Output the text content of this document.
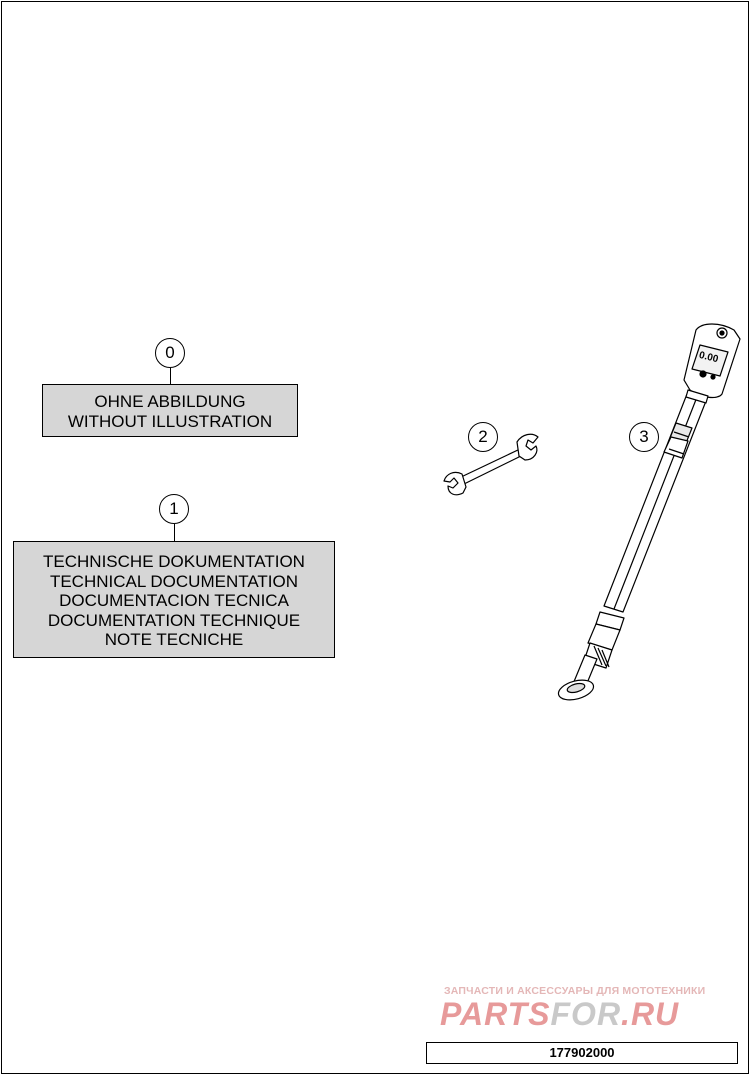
0
OHNE ABBILDUNG
WITHOUT ILLUSTRATION
1
TECHNISCHE DOKUMENTATION
TECHNICAL DOCUMENTATION
DOCUMENTACION TECNICA
DOCUMENTATION TECHNIQUE
NOTE TECNICHE
2	3
0.00
ЗАПЧАСТИ И АКСЕССУАРЫ ДЛЯ МОТОТЕХНИКИ
PARTSFOR.RU
177902000
